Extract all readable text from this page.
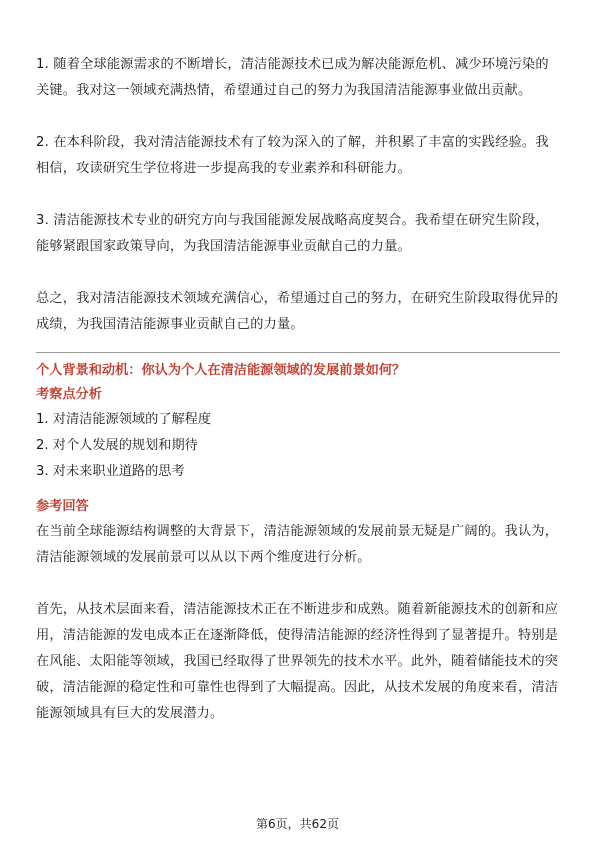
1. 随着全球能源需求的不断增长，清洁能源技术已成为解决能源危机、减少环境污染的关键。我对这一领域充满热情，希望通过自己的努力为我国清洁能源事业做出贡献。

2. 在本科阶段，我对清洁能源技术有了较为深入的了解，并积累了丰富的实践经验。我相信，攻读研究生学位将进一步提高我的专业素养和科研能力。

3. 清洁能源技术专业的研究方向与我国能源发展战略高度契合。我希望在研究生阶段，能够紧跟国家政策导向，为我国清洁能源事业贡献自己的力量。

总之，我对清洁能源技术领域充满信心，希望通过自己的努力，在研究生阶段取得优异的成绩，为我国清洁能源事业贡献自己的力量。

个人背景和动机：你认为个人在清洁能源领域的发展前景如何？

考察点分析

1. 对清洁能源领域的了解程度

2. 对个人发展的规划和期待

3. 对未来职业道路的思考

参考回答

在当前全球能源结构调整的大背景下，清洁能源领域的发展前景无疑是广阔的。我认为，清洁能源领域的发展前景可以从以下两个维度进行分析。

首先，从技术层面来看，清洁能源技术正在不断进步和成熟。随着新能源技术的创新和应用，清洁能源的发电成本正在逐渐降低，使得清洁能源的经济性得到了显著提升。特别是在风能、太阳能等领域，我国已经取得了世界领先的技术水平。此外，随着储能技术的突破，清洁能源的稳定性和可靠性也得到了大幅提高。因此，从技术发展的角度来看，清洁能源领域具有巨大的发展潜力。

第6页，共62页
